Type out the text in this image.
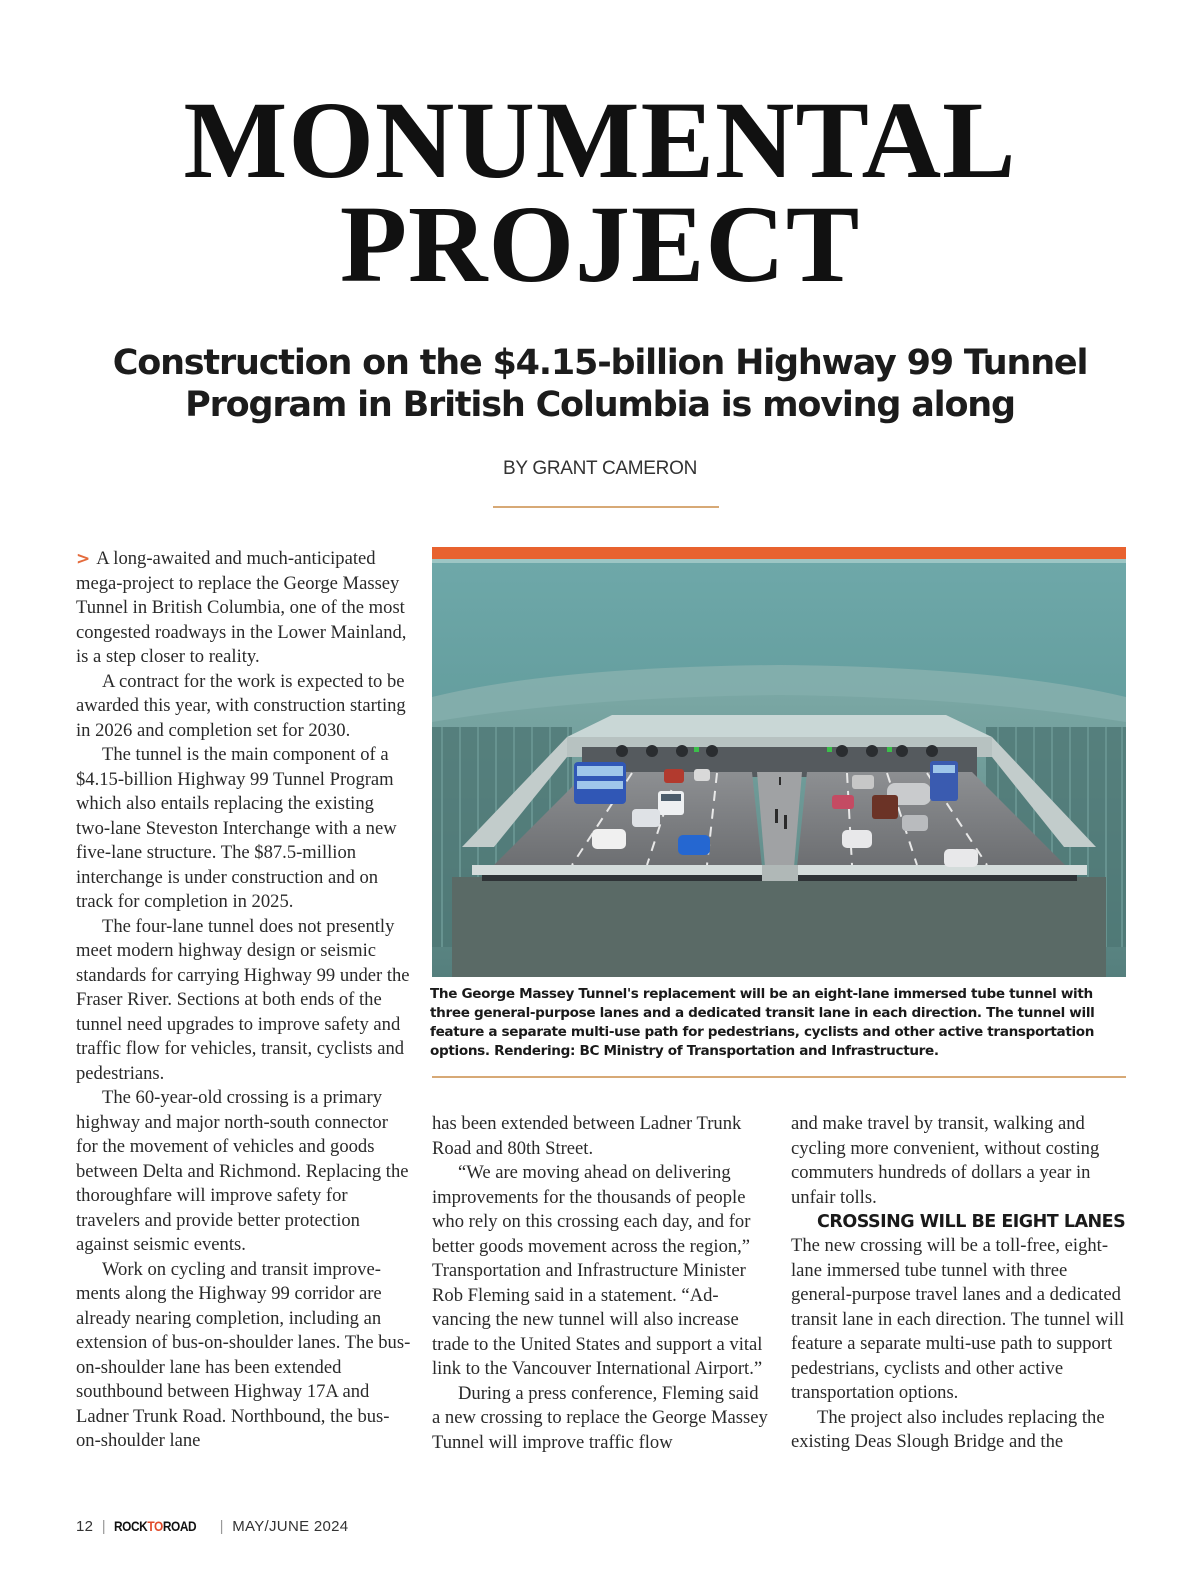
MONUMENTAL
PROJECT
Construction on the $4.15-billion Highway 99 Tunnel
Program in British Columbia is moving along
BY GRANT CAMERON

> A long-awaited and much-anticipated mega-project to replace the George Massey Tunnel in British Columbia, one of the most congested roadways in the Lower Mainland, is a step closer to reality.

A contract for the work is expected to be awarded this year, with construction starting in 2026 and completion set for 2030.

The tunnel is the main component of a $4.15-billion Highway 99 Tunnel Program which also entails replacing the existing two-lane Steveston Interchange with a new five-lane structure. The $87.5-million interchange is under construction and on track for completion in 2025.

The four-lane tunnel does not presently meet modern highway design or seismic standards for carrying Highway 99 under the Fraser River. Sections at both ends of the tunnel need upgrades to improve safety and traffic flow for vehicles, transit, cyclists and pedestrians.

The 60-year-old crossing is a primary highway and major north-south connector for the movement of vehicles and goods between Delta and Richmond. Replacing the thoroughfare will improve safety for travelers and provide better protection against seismic events.

Work on cycling and transit improvements along the Highway 99 corridor are already nearing completion, including an extension of bus-on-shoulder lanes. The bus-on-shoulder lane has been extended southbound between Highway 17A and Ladner Trunk Road. Northbound, the bus-on-shoulder lane

The George Massey Tunnel's replacement will be an eight-lane immersed tube tunnel with three general-purpose lanes and a dedicated transit lane in each direction. The tunnel will feature a separate multi-use path for pedestrians, cyclists and other active transportation options. Rendering: BC Ministry of Transportation and Infrastructure.

has been extended between Ladner Trunk Road and 80th Street.

“We are moving ahead on delivering improvements for the thousands of people who rely on this crossing each day, and for better goods movement across the region,” Transportation and Infrastructure Minister Rob Fleming said in a statement. “Advancing the new tunnel will also increase trade to the United States and support a vital link to the Vancouver International Airport.”

During a press conference, Fleming said a new crossing to replace the George Massey Tunnel will improve traffic flow

and make travel by transit, walking and cycling more convenient, without costing commuters hundreds of dollars a year in unfair tolls.

CROSSING WILL BE EIGHT LANES

The new crossing will be a toll-free, eight-lane immersed tube tunnel with three general-purpose travel lanes and a dedicated transit lane in each direction. The tunnel will feature a separate multi-use path to support pedestrians, cyclists and other active transportation options.

The project also includes replacing the existing Deas Slough Bridge and the

12 | ROCKTOROAD | MAY/JUNE 2024
